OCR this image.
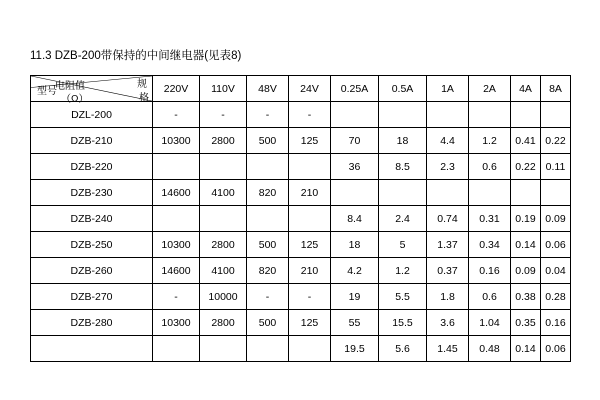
11.3 DZB-200带保持的中间继电器(见表8)
电阻值
（Ω）
规
格
型号	220V	110V	48V	24V	0.25A	0.5A	1A	2A	4A	8A
DZL-200	-	-	-	-						
DZB-210	10300	2800	500	125	70	18	4.4	1.2	0.41	0.22
DZB-220					36	8.5	2.3	0.6	0.22	0.11
DZB-230	14600	4100	820	210						
DZB-240					8.4	2.4	0.74	0.31	0.19	0.09
DZB-250	10300	2800	500	125	18	5	1.37	0.34	0.14	0.06
DZB-260	14600	4100	820	210	4.2	1.2	0.37	0.16	0.09	0.04
DZB-270	-	10000	-	-	19	5.5	1.8	0.6	0.38	0.28
DZB-280	10300	2800	500	125	55	15.5	3.6	1.04	0.35	0.16
					19.5	5.6	1.45	0.48	0.14	0.06
